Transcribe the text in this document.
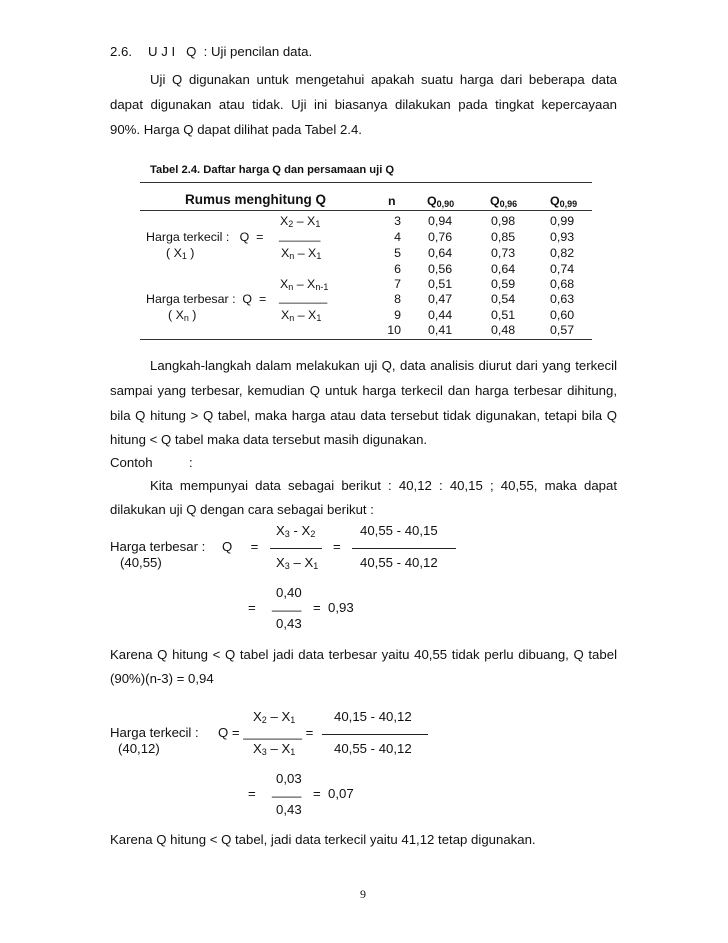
2.6. U J I   Q  : Uji pencilan data.
Uji Q digunakan untuk mengetahui apakah suatu harga dari beberapa data
dapat digunakan atau tidak. Uji ini biasanya dilakukan pada tingkat kepercayaan
90%. Harga Q dapat dilihat pada Tabel 2.4.
Tabel 2.4. Daftar harga Q dan persamaan uji Q
Rumus menghitung Q	n	$Q_{0,90}$	$Q_{0,96}$	$Q_{0,99}$
$X_2 - X_1$
Harga terkecil :   Q  = ______
( $X_1$ )	$X_n - X_1$
$X_n - X_{n-1}$
Harga terbesar :  Q  = _______
( $X_n$ )	$X_n - X_1$
3 0,94	0,98	0,99
4 0,76	0,85	0,93
5 0,64	0,73	0,82
6 0,56	0,64	0,74
7 0,51	0,59	0,68
8 0,47	0,54	0,63
9 0,44	0,51	0,60
10 0,41	0,48	0,57
Langkah-langkah dalam melakukan uji Q, data analisis diurut dari yang terkecil
sampai yang terbesar, kemudian Q untuk harga terkecil dan harga terbesar dihitung,
bila Q hitung > Q tabel, maka harga atau data tersebut tidak digunakan, tetapi bila Q
hitung < Q tabel maka data tersebut masih digunakan.
Contoh	:
Kita mempunyai data sebagai berikut : 40,12 : 40,15 ; 40,55, maka dapat
dilakukan uji Q dengan cara sebagai berikut :
$X_3 - X_2$	40,55 - 40,15
Harga terbesar : Q     =	=
(40,55)	$X_3 - X_1$	40,55 - 40,12
0,40
= ____ =  0,93
0,43
Karena Q hitung < Q tabel jadi data terbesar yaitu 40,55 tidak perlu dibuang, Q tabel
(90%)(n-3) = 0,94
$X_2 - X_1$	40,15 - 40,12
Harga terkecil : Q = ________ =
(40,12)	$X_3 - X_1$	40,55 - 40,12
0,03
= ____ =  0,07
0,43
Karena Q hitung < Q tabel, jadi data terkecil yaitu 41,12 tetap digunakan.
9
